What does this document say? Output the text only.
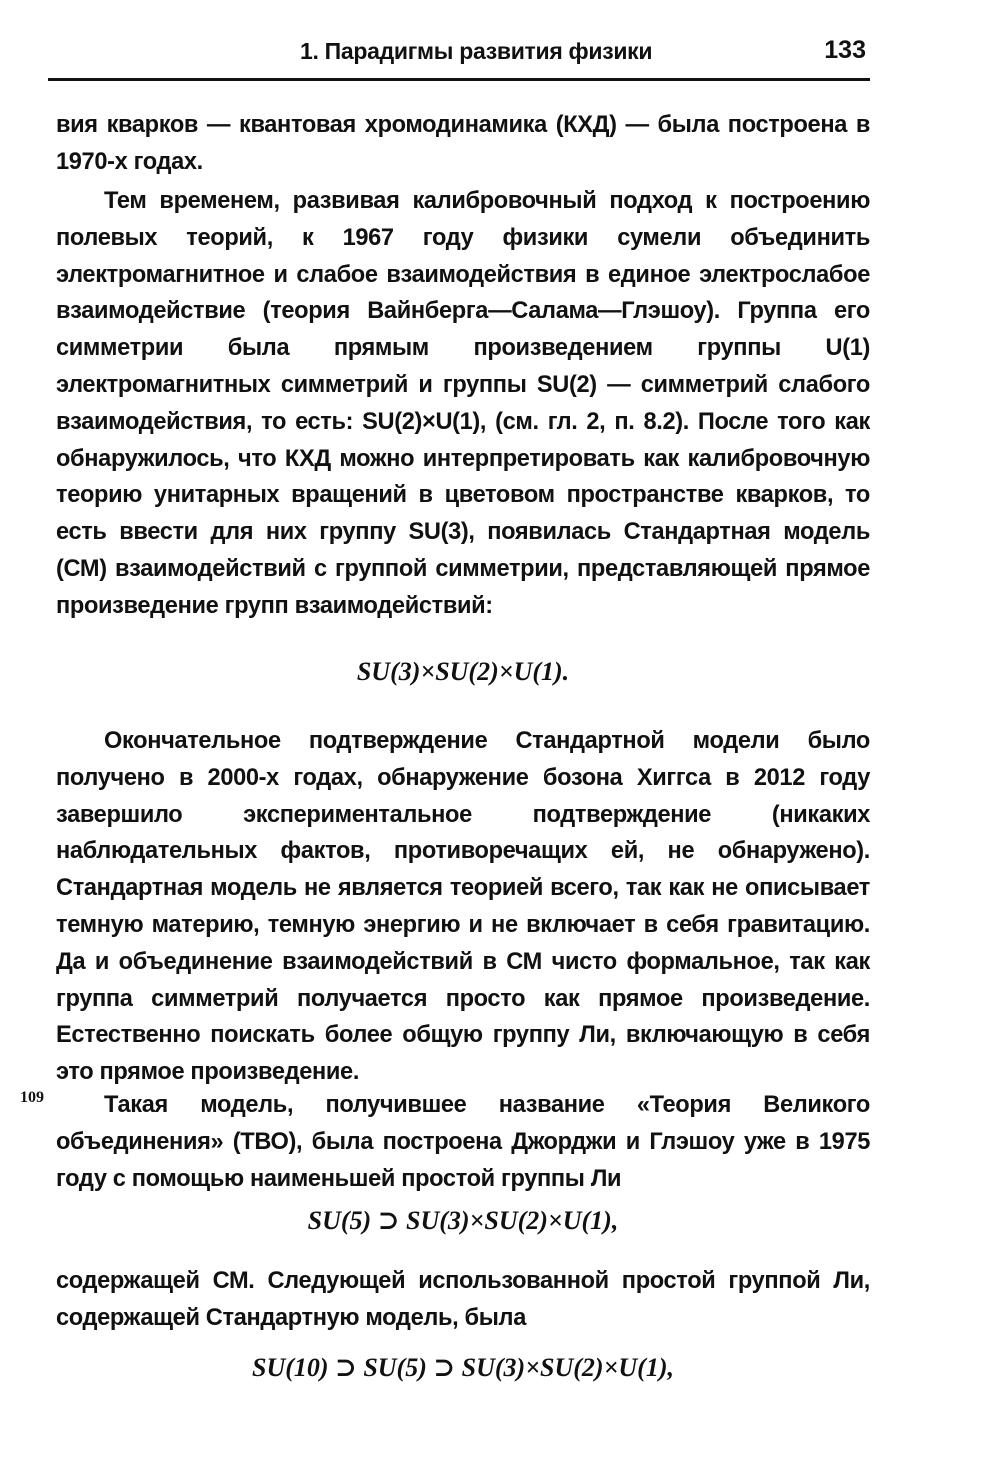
1. Парадигмы развития физики	133

вия кварков — квантовая хромодинамика (КХД) — была построена в 1970-х годах.

Тем временем, развивая калибровочный подход к построению полевых теорий, к 1967 году физики сумели объединить электромагнитное и слабое взаимодействия в единое электрослабое взаимодействие (теория Вайнберга—Салама—Глэшоу). Группа его симметрии была прямым произведением группы U(1) электромагнитных симметрий и группы SU(2) — симметрий слабого взаимодействия, то есть: SU(2)×U(1), (см. гл. 2, п. 8.2). После того как обнаружилось, что КХД можно интерпретировать как калибровочную теорию унитарных вращений в цветовом пространстве кварков, то есть ввести для них группу SU(3), появилась Стандартная модель (СМ) взаимодействий с группой симметрии, представляющей прямое произведение групп взаимодействий:

SU(3)×SU(2)×U(1).

Окончательное подтверждение Стандартной модели было получено в 2000-х годах, обнаружение бозона Хиггса в 2012 году завершило экспериментальное подтверждение (никаких наблюдательных фактов, противоречащих ей, не обнаружено). Стандартная модель не является теорией всего, так как не описывает темную материю, темную энергию и не включает в себя гравитацию. Да и объединение взаимодействий в СМ чисто формальное, так как группа симметрий получается просто как прямое произведение. Естественно поискать более общую группу Ли, включающую в себя это прямое произведение.

109	Такая модель, получившее название «Теория Великого объединения» (ТВО), была построена Джорджи и Глэшоу уже в 1975 году с помощью наименьшей простой группы Ли

SU(5) ⊃ SU(3)×SU(2)×U(1),

содержащей СМ. Следующей использованной простой группой Ли, содержащей Стандартную модель, была

SU(10) ⊃ SU(5) ⊃ SU(3)×SU(2)×U(1),
